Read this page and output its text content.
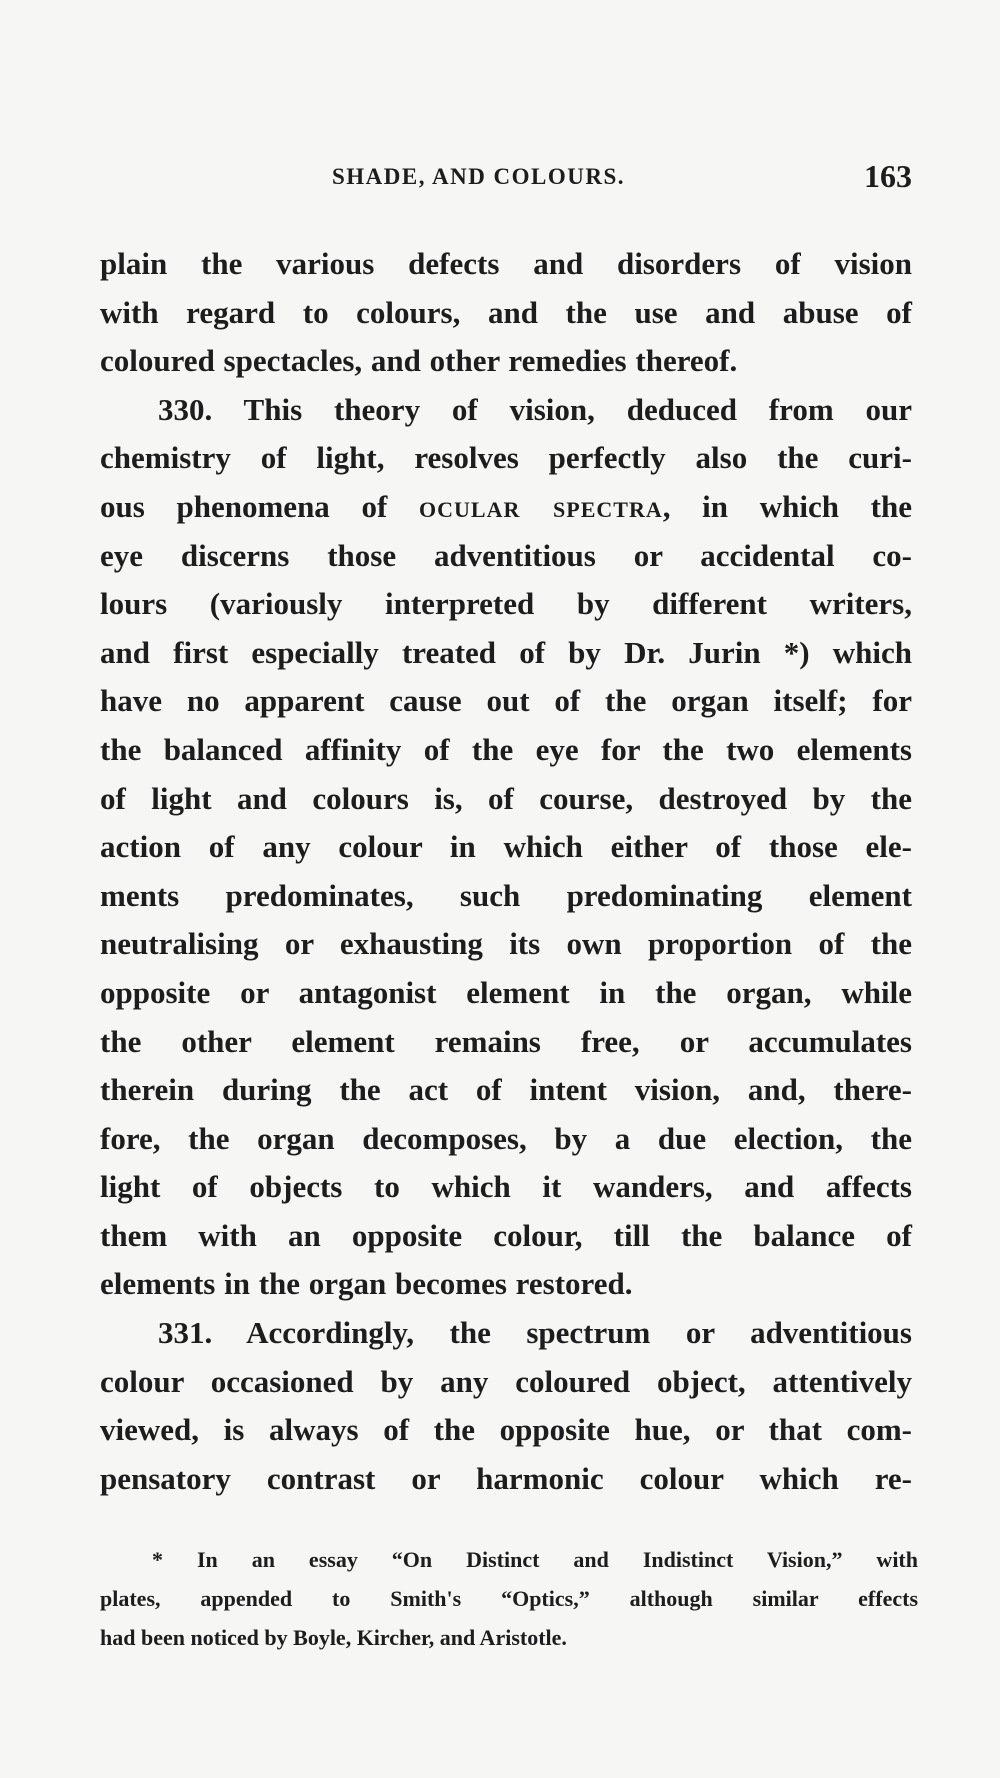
SHADE, AND COLOURS.	163
plain the various defects and disorders of vision
with regard to colours, and the use and abuse of
coloured spectacles, and other remedies thereof.
330. This theory of vision, deduced from our
chemistry of light, resolves perfectly also the curi-
ous phenomena of ocular spectra, in which the
eye discerns those adventitious or accidental co-
lours (variously interpreted by different writers,
and first especially treated of by Dr. Jurin *) which
have no apparent cause out of the organ itself; for
the balanced affinity of the eye for the two elements
of light and colours is, of course, destroyed by the
action of any colour in which either of those ele-
ments predominates, such predominating element
neutralising or exhausting its own proportion of the
opposite or antagonist element in the organ, while
the other element remains free, or accumulates
therein during the act of intent vision, and, there-
fore, the organ decomposes, by a due election, the
light of objects to which it wanders, and affects
them with an opposite colour, till the balance of
elements in the organ becomes restored.
331. Accordingly, the spectrum or adventitious
colour occasioned by any coloured object, attentively
viewed, is always of the opposite hue, or that com-
pensatory contrast or harmonic colour which re-
* In an essay “On Distinct and Indistinct Vision,” with
plates, appended to Smith's “Optics,” although similar effects
had been noticed by Boyle, Kircher, and Aristotle.
